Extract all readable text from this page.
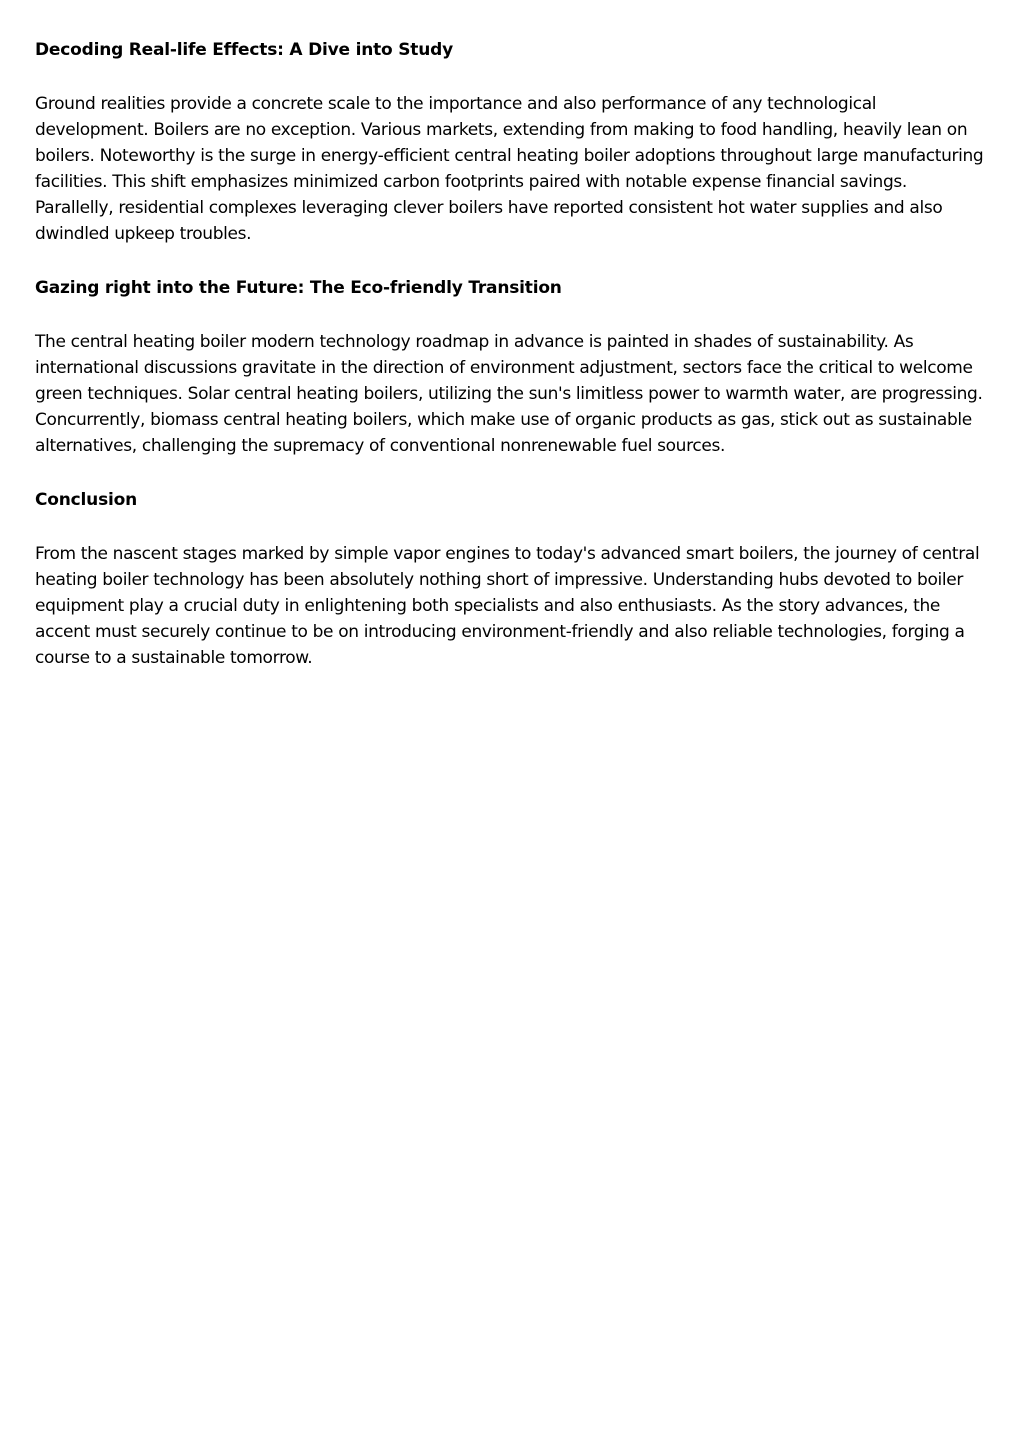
Decoding Real-life Effects: A Dive into Study

Ground realities provide a concrete scale to the importance and also performance of any technological development. Boilers are no exception. Various markets, extending from making to food handling, heavily lean on boilers. Noteworthy is the surge in energy-efficient central heating boiler adoptions throughout large manufacturing facilities. This shift emphasizes minimized carbon footprints paired with notable expense financial savings. Parallelly, residential complexes leveraging clever boilers have reported consistent hot water supplies and also dwindled upkeep troubles.

Gazing right into the Future: The Eco-friendly Transition

The central heating boiler modern technology roadmap in advance is painted in shades of sustainability. As international discussions gravitate in the direction of environment adjustment, sectors face the critical to welcome green techniques. Solar central heating boilers, utilizing the sun's limitless power to warmth water, are progressing. Concurrently, biomass central heating boilers, which make use of organic products as gas, stick out as sustainable alternatives, challenging the supremacy of conventional nonrenewable fuel sources.

Conclusion

From the nascent stages marked by simple vapor engines to today's advanced smart boilers, the journey of central heating boiler technology has been absolutely nothing short of impressive. Understanding hubs devoted to boiler equipment play a crucial duty in enlightening both specialists and also enthusiasts. As the story advances, the accent must securely continue to be on introducing environment-friendly and also reliable technologies, forging a course to a sustainable tomorrow.
